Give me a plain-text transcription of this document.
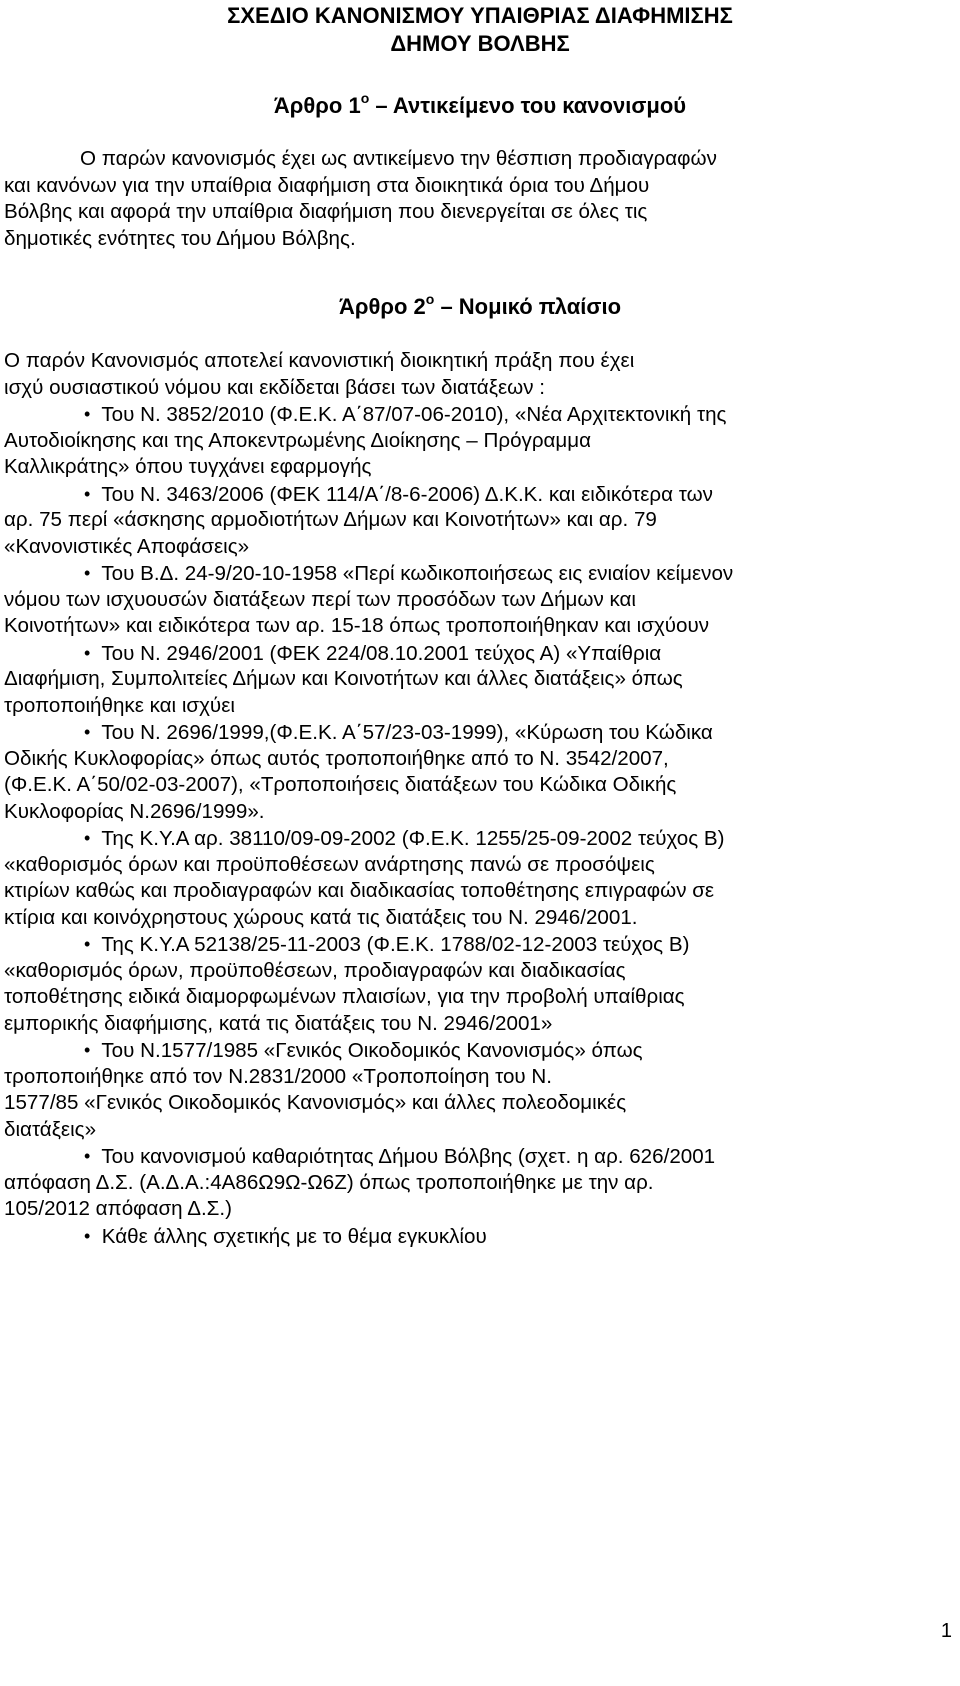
ΣΧΕΔΙΟ ΚΑΝΟΝΙΣΜΟΥ ΥΠΑΙΘΡΙΑΣ ΔΙΑΦΗΜΙΣΗΣ
ΔΗΜΟΥ ΒΟΛΒΗΣ
Άρθρο $1^o$ – Αντικείμενο του κανονισμού
Ο παρών κανονισμός έχει ως αντικείμενο την θέσπιση προδιαγραφών
και κανόνων για την υπαίθρια διαφήμιση στα διοικητικά όρια του Δήμου
Βόλβης και αφορά την υπαίθρια διαφήμιση που διενεργείται σε όλες τις
δημοτικές ενότητες του Δήμου Βόλβης.
Άρθρο $2^o$ – Νομικό πλαίσιο
Ο παρόν Κανονισμός αποτελεί κανονιστική διοικητική πράξη που έχει
ισχύ ουσιαστικού νόμου και εκδίδεται βάσει των διατάξεων :
• Του Ν. 3852/2010 (Φ.Ε.Κ. Α΄87/07-06-2010), «Νέα Αρχιτεκτονική της
Αυτοδιοίκησης και της Αποκεντρωμένης Διοίκησης – Πρόγραμμα
Καλλικράτης» όπου τυγχάνει εφαρμογής
• Του Ν. 3463/2006 (ΦΕΚ 114/Α΄/8-6-2006) Δ.Κ.Κ. και ειδικότερα των
αρ. 75 περί «άσκησης αρμοδιοτήτων Δήμων και Κοινοτήτων» και αρ. 79
«Κανονιστικές Αποφάσεις»
• Του Β.Δ. 24-9/20-10-1958 «Περί κωδικοποιήσεως εις ενιαίον κείμενον
νόμου των ισχυουσών διατάξεων περί των προσόδων των Δήμων και
Κοινοτήτων» και ειδικότερα των αρ. 15-18 όπως τροποποιήθηκαν και ισχύουν
• Του Ν. 2946/2001 (ΦΕΚ 224/08.10.2001 τεύχος Α) «Υπαίθρια
Διαφήμιση, Συμπολιτείες Δήμων και Κοινοτήτων και άλλες διατάξεις» όπως
τροποποιήθηκε και ισχύει
• Του Ν. 2696/1999,(Φ.Ε.Κ. Α΄57/23-03-1999), «Κύρωση του Κώδικα
Οδικής Κυκλοφορίας» όπως αυτός τροποποιήθηκε από το Ν. 3542/2007,
(Φ.Ε.Κ. Α΄50/02-03-2007), «Τροποποιήσεις διατάξεων του Κώδικα Οδικής
Κυκλοφορίας Ν.2696/1999».
• Της Κ.Υ.Α αρ. 38110/09-09-2002 (Φ.Ε.Κ. 1255/25-09-2002 τεύχος Β)
«καθορισμός όρων και προϋποθέσεων ανάρτησης πανώ σε προσόψεις
κτιρίων καθώς και προδιαγραφών και διαδικασίας τοποθέτησης επιγραφών σε
κτίρια και κοινόχρηστους χώρους κατά τις διατάξεις του Ν. 2946/2001.
• Της Κ.Υ.Α 52138/25-11-2003 (Φ.Ε.Κ. 1788/02-12-2003 τεύχος Β)
«καθορισμός όρων, προϋποθέσεων, προδιαγραφών και διαδικασίας
τοποθέτησης ειδικά διαμορφωμένων πλαισίων, για την προβολή υπαίθριας
εμπορικής διαφήμισης, κατά τις διατάξεις του Ν. 2946/2001»
• Του Ν.1577/1985 «Γενικός Οικοδομικός Κανονισμός» όπως
τροποποιήθηκε από τον Ν.2831/2000 «Τροποποίηση του Ν.
1577/85 «Γενικός Οικοδομικός Κανονισμός» και άλλες πολεοδομικές
διατάξεις»
• Του κανονισμού καθαριότητας Δήμου Βόλβης (σχετ. η αρ. 626/2001
απόφαση Δ.Σ. (Α.Δ.Α.:4Α86Ω9Ω-Ω6Ζ) όπως τροποποιήθηκε με την αρ.
105/2012 απόφαση Δ.Σ.)
• Κάθε άλλης σχετικής με το θέμα εγκυκλίου
1
